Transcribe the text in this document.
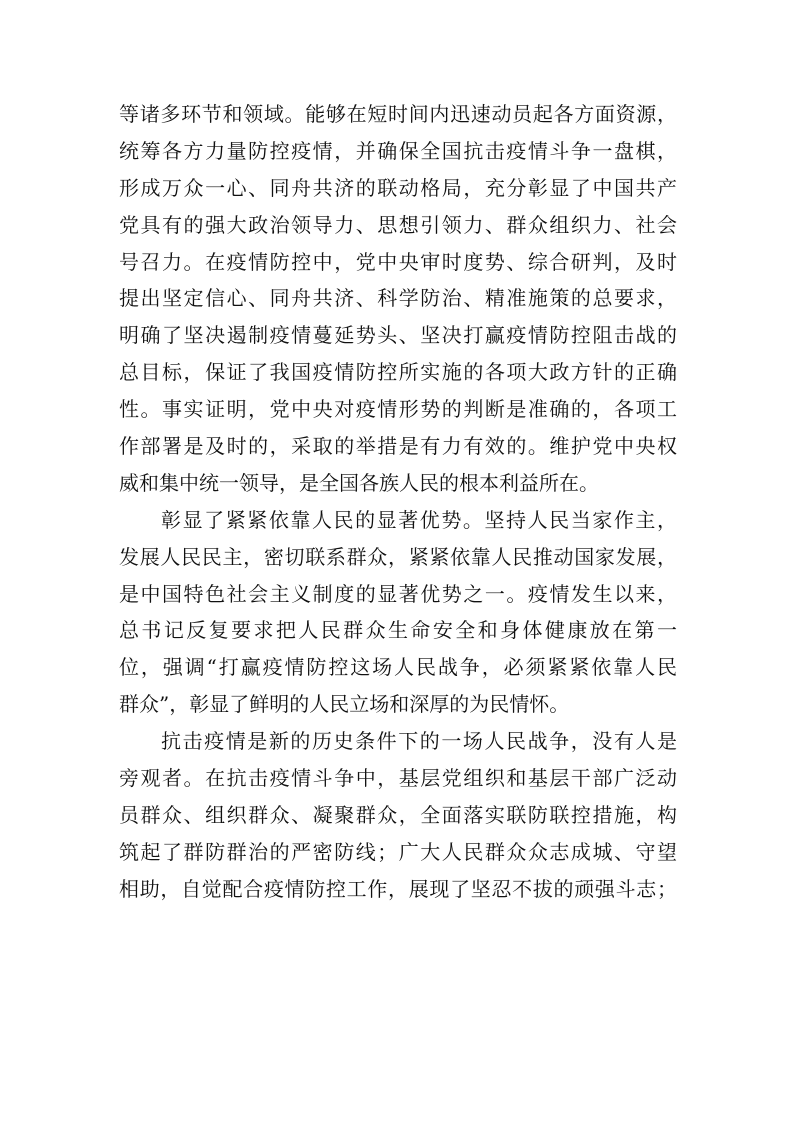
等诸多环节和领域。能够在短时间内迅速动员起各方面资源，
统筹各方力量防控疫情，并确保全国抗击疫情斗争一盘棋，
形成万众一心、同舟共济的联动格局，充分彰显了中国共产
党具有的强大政治领导力、思想引领力、群众组织力、社会
号召力。在疫情防控中，党中央审时度势、综合研判，及时
提出坚定信心、同舟共济、科学防治、精准施策的总要求，
明确了坚决遏制疫情蔓延势头、坚决打赢疫情防控阻击战的
总目标，保证了我国疫情防控所实施的各项大政方针的正确
性。事实证明，党中央对疫情形势的判断是准确的，各项工
作部署是及时的，采取的举措是有力有效的。维护党中央权
威和集中统一领导，是全国各族人民的根本利益所在。
彰显了紧紧依靠人民的显著优势。坚持人民当家作主，
发展人民民主，密切联系群众，紧紧依靠人民推动国家发展，
是中国特色社会主义制度的显著优势之一。疫情发生以来，
总书记反复要求把人民群众生命安全和身体健康放在第一
位，强调“打赢疫情防控这场人民战争，必须紧紧依靠人民
群众”，彰显了鲜明的人民立场和深厚的为民情怀。
抗击疫情是新的历史条件下的一场人民战争，没有人是
旁观者。在抗击疫情斗争中，基层党组织和基层干部广泛动
员群众、组织群众、凝聚群众，全面落实联防联控措施，构
筑起了群防群治的严密防线；广大人民群众众志成城、守望
相助，自觉配合疫情防控工作，展现了坚忍不拔的顽强斗志；
